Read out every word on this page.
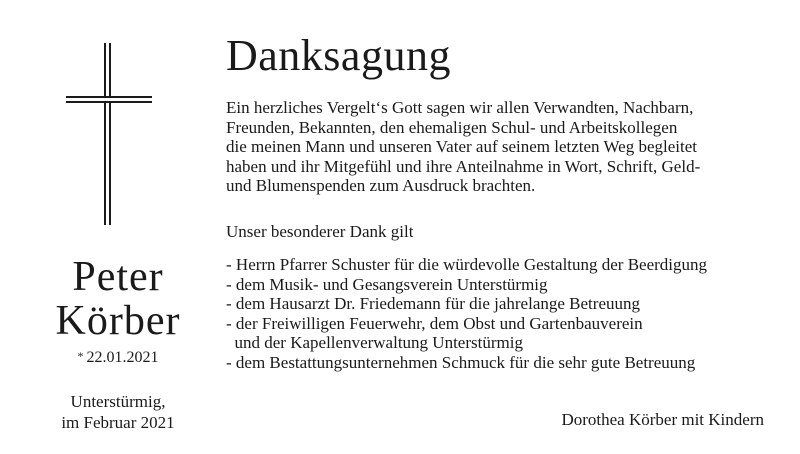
Peter
Körber
* 22.01.2021
Unterstürmig,
im Februar 2021
Danksagung
Ein herzliches Vergelt‘s Gott sagen wir allen Verwandten, Nachbarn,
Freunden, Bekannten, den ehemaligen Schul- und Arbeitskollegen
die meinen Mann und unseren Vater auf seinem letzten Weg begleitet
haben und ihr Mitgefühl und ihre Anteilnahme in Wort, Schrift, Geld-
und Blumenspenden zum Ausdruck brachten.
Unser besonderer Dank gilt
- Herrn Pfarrer Schuster für die würdevolle Gestaltung der Beerdigung
- dem Musik- und Gesangsverein Unterstürmig
- dem Hausarzt Dr. Friedemann für die jahrelange Betreuung
- der Freiwilligen Feuerwehr, dem Obst und Gartenbauverein
und der Kapellenverwaltung Unterstürmig
- dem Bestattungsunternehmen Schmuck für die sehr gute Betreuung
Dorothea Körber mit Kindern
